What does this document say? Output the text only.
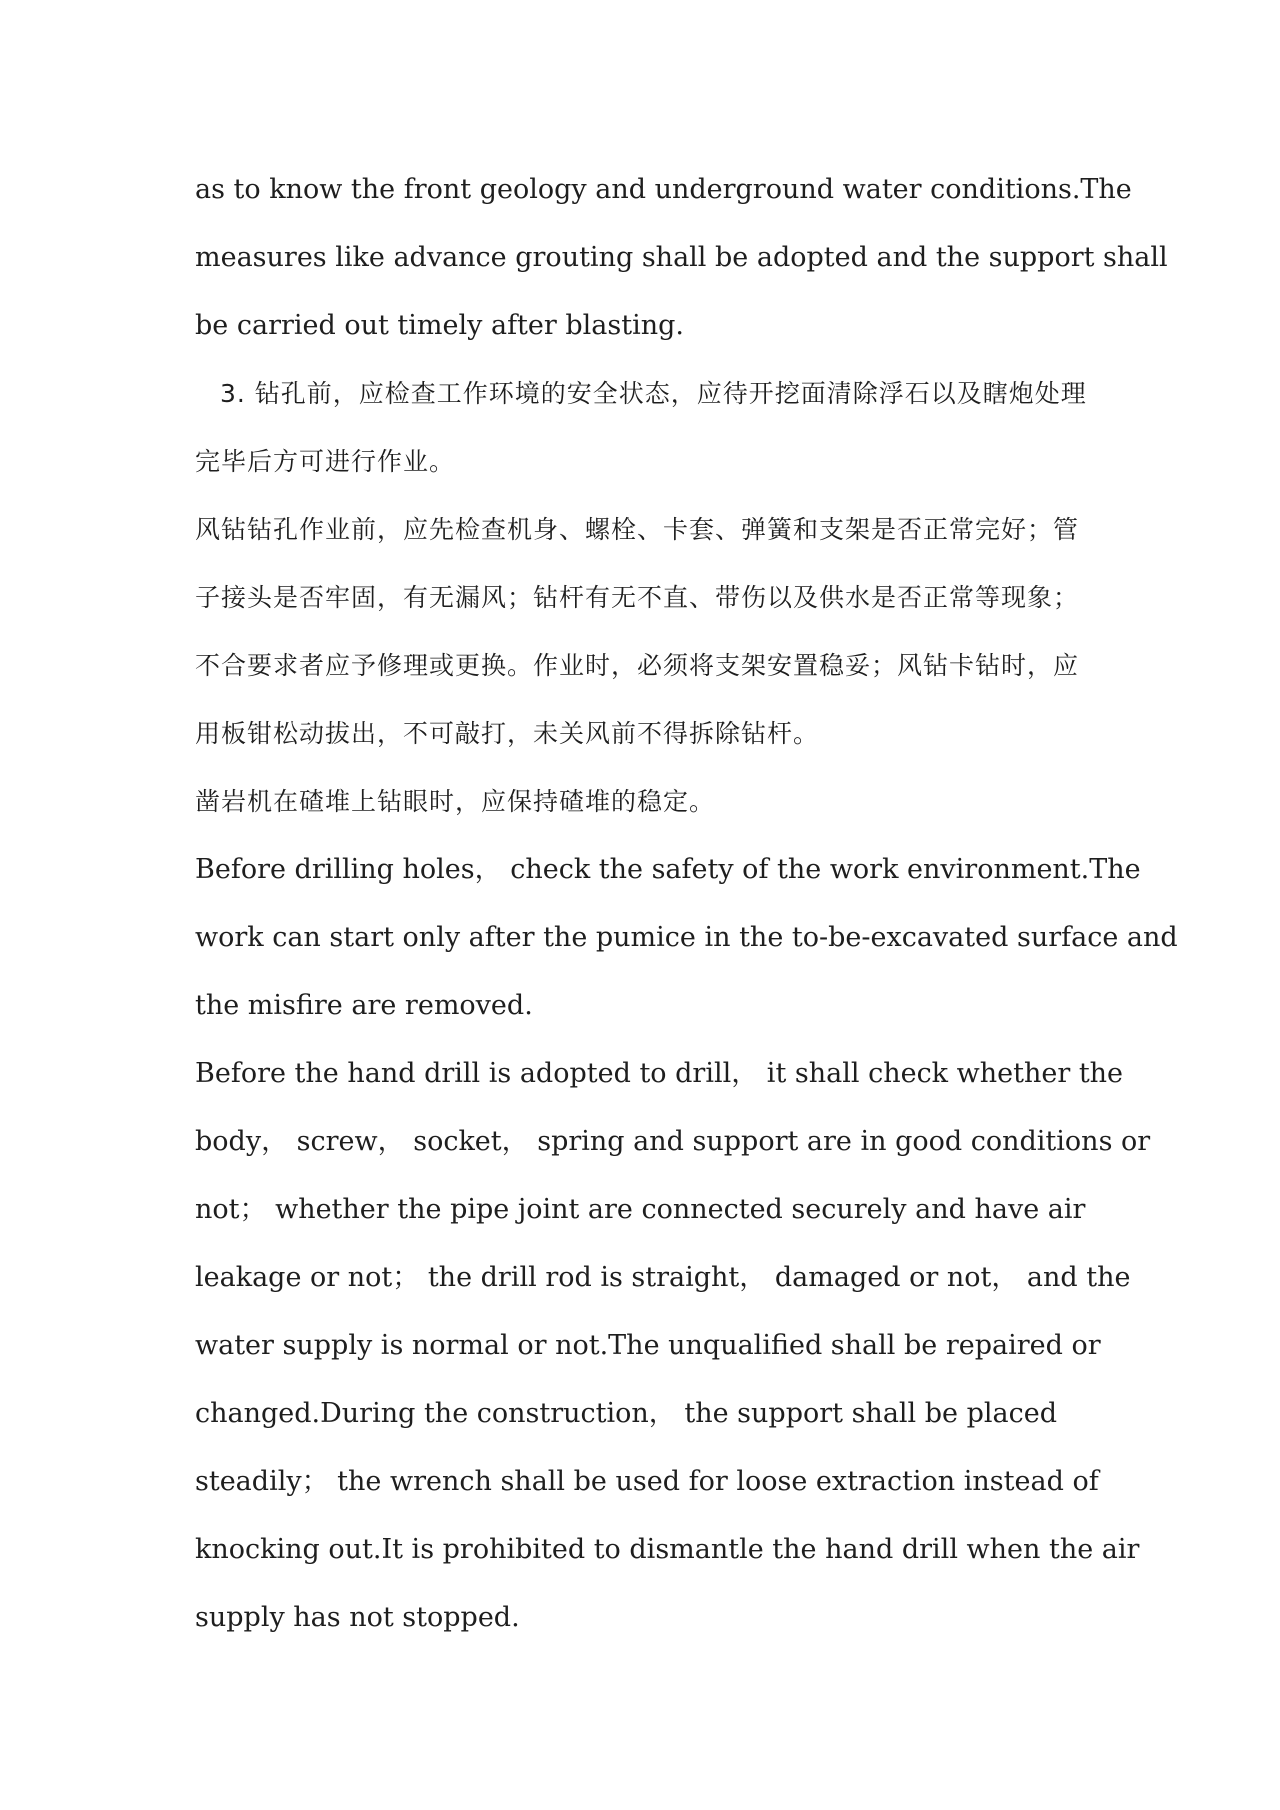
as to know the front geology and underground water conditions.The
measures like advance grouting shall be adopted and the support shall
be carried out timely after blasting.
3. 钻孔前，应检查工作环境的安全状态，应待开挖面清除浮石以及瞎炮处理
完毕后方可进行作业。
风钻钻孔作业前，应先检查机身、螺栓、卡套、弹簧和支架是否正常完好；管
子接头是否牢固，有无漏风；钻杆有无不直、带伤以及供水是否正常等现象；
不合要求者应予修理或更换。作业时，必须将支架安置稳妥；风钻卡钻时，应
用板钳松动拔出，不可敲打，未关风前不得拆除钻杆。
凿岩机在碴堆上钻眼时，应保持碴堆的稳定。
Before drilling holes， check the safety of the work environment.The
work can start only after the pumice in the to-be-excavated surface and
the misfire are removed.
Before the hand drill is adopted to drill， it shall check whether the
body， screw， socket， spring and support are in good conditions or
not； whether the pipe joint are connected securely and have air
leakage or not； the drill rod is straight， damaged or not， and the
water supply is normal or not.The unqualified shall be repaired or
changed.During the construction， the support shall be placed
steadily； the wrench shall be used for loose extraction instead of
knocking out.It is prohibited to dismantle the hand drill when the air
supply has not stopped.
